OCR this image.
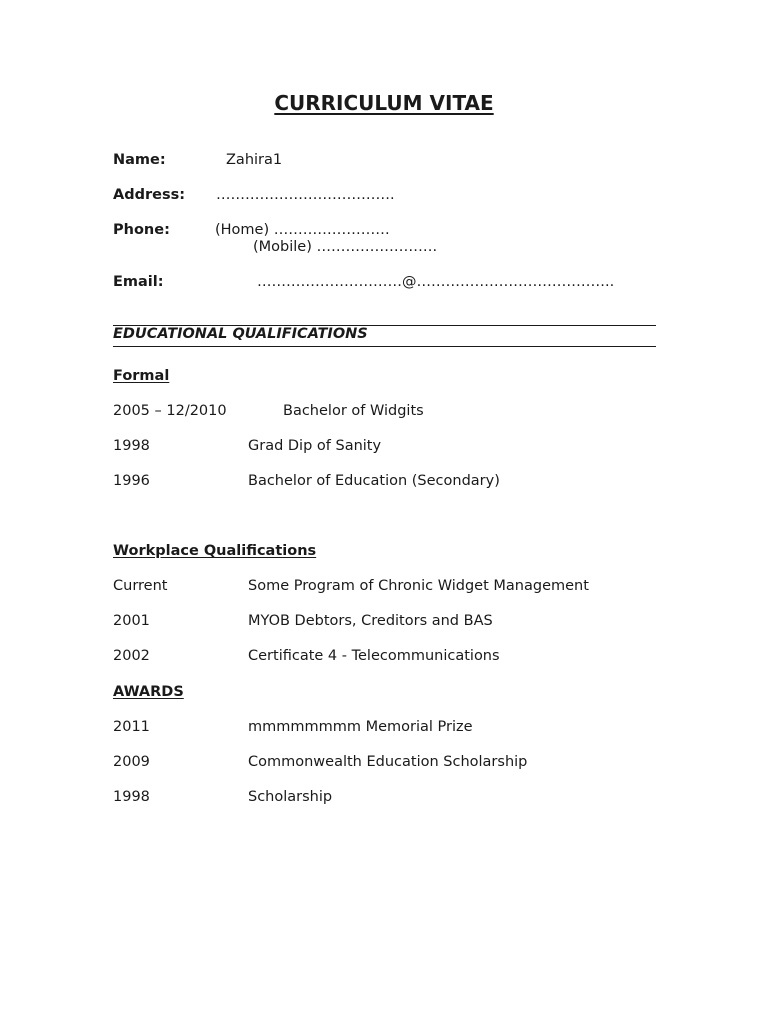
CURRICULUM VITAE
Name:	Zahira1
Address: ……………………………….
Phone:	(Home) ……………………
(Mobile) …………………….
Email:	…………………………@…………………………………..
EDUCATIONAL QUALIFICATIONS
Formal
2005 – 12/2010	Bachelor of Widgits
1998	Grad Dip of Sanity
1996	Bachelor of Education (Secondary)
Workplace Qualifications
Current	Some Program of Chronic Widget Management
2001	MYOB Debtors, Creditors and BAS
2002	Certificate 4 - Telecommunications
AWARDS
2011	mmmmmmmm Memorial Prize
2009	Commonwealth Education Scholarship
1998	Scholarship
